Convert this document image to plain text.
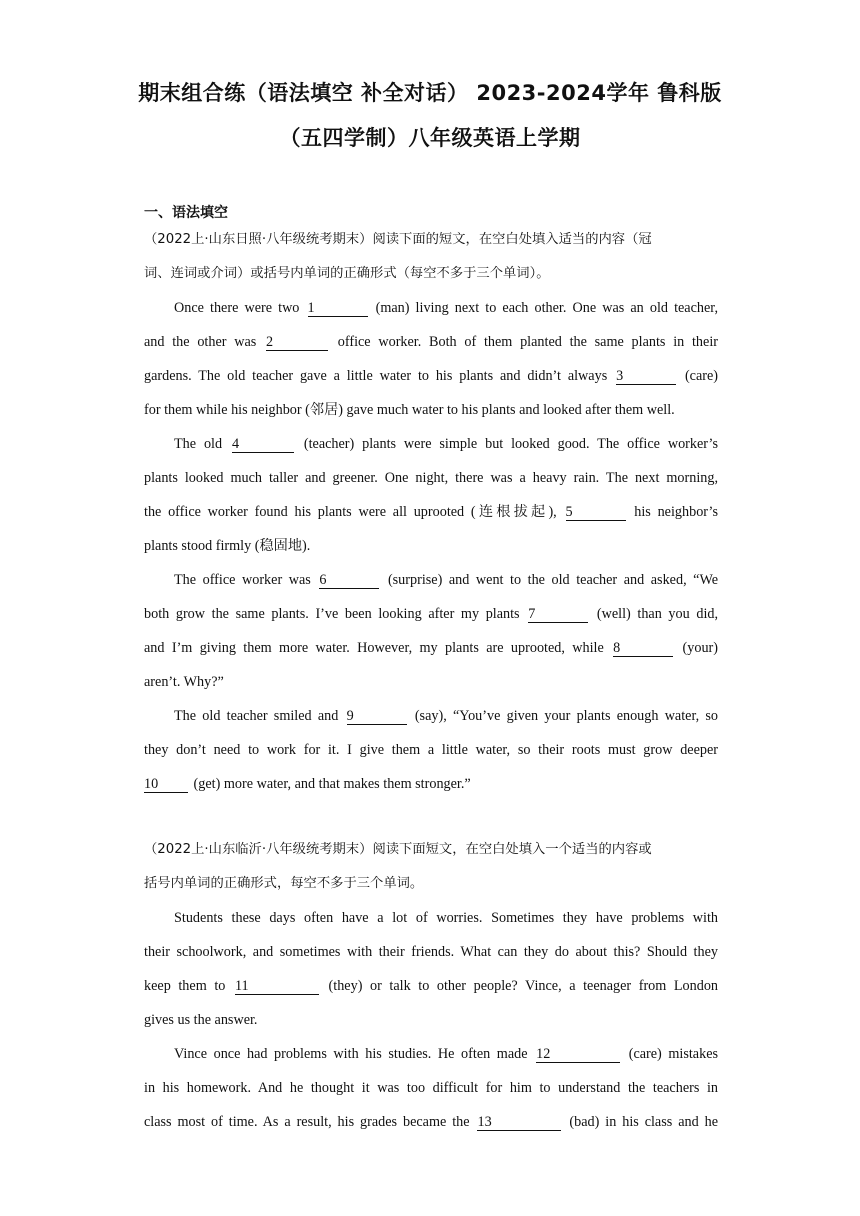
期末组合练（语法填空 补全对话） 2023-2024学年 鲁科版
（五四学制）八年级英语上学期
一、语法填空
（2022上·山东日照·八年级统考期末）阅读下面的短文，在空白处填入适当的内容（冠
词、连词或介词）或括号内单词的正确形式（每空不多于三个单词）。
Once there were two 1	(man) living next to each other. One was an old teacher,
and the other was 2	office worker. Both of them planted the same plants in their
gardens. The old teacher gave a little water to his plants and didn’t always 3	(care)
for them while his neighbor (邻居) gave much water to his plants and looked after them well.
The old 4	(teacher) plants were simple but looked good. The office worker’s
plants looked much taller and greener. One night, there was a heavy rain. The next morning,
the office worker found his plants were all uprooted (连根拔起), 5	his neighbor’s
plants stood firmly (稳固地).
The office worker was 6	(surprise) and went to the old teacher and asked, “We
both grow the same plants. I’ve been looking after my plants 7	(well) than you did,
and I’m giving them more water. However, my plants are uprooted, while 8	(your)
aren’t. Why?”
The old teacher smiled and 9	(say), “You’ve given your plants enough water, so
they don’t need to work for it. I give them a little water, so their roots must grow deeper
10 (get) more water, and that makes them stronger.”
（2022上·山东临沂·八年级统考期末）阅读下面短文，在空白处填入一个适当的内容或
括号内单词的正确形式，每空不多于三个单词。
Students these days often have a lot of worries. Sometimes they have problems with
their schoolwork, and sometimes with their friends. What can they do about this? Should they
keep them to 11	(they) or talk to other people? Vince, a teenager from London
gives us the answer.
Vince once had problems with his studies. He often made 12	(care) mistakes
in his homework. And he thought it was too difficult for him to understand the teachers in
class most of time. As a result, his grades became the 13	(bad) in his class and he
